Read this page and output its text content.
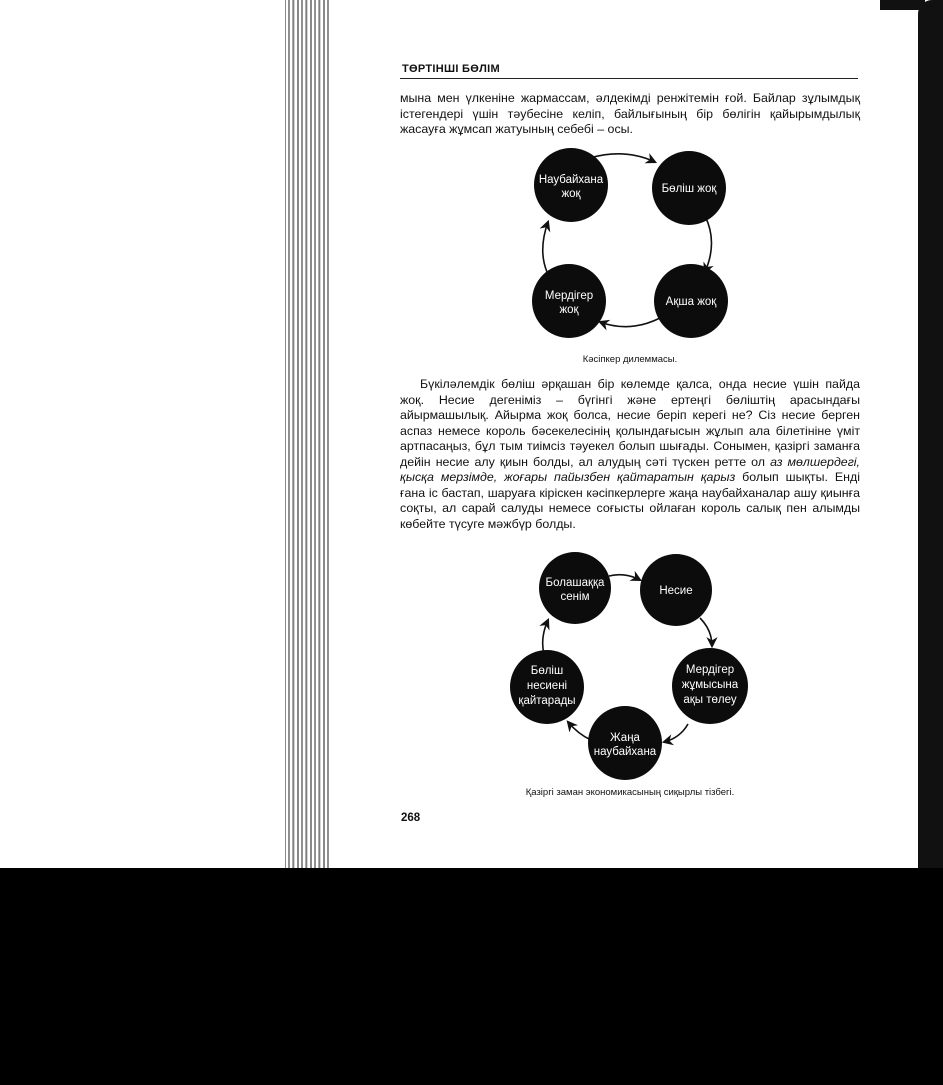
ТӨРТІНШІ БӨЛІМ

мына мен үлкеніне жармассам, әлдекімді ренжітемін ғой. Байлар зұлымдық істегендері үшін тәубесіне келіп, байлығының бір бөлігін қайырымдылық жасауға жұмсап жатуының себебі – осы.

Наубайхана
жоқ	Бөліш жоқ
Ақша жоқ
Мердігер
жоқ
Болашаққа
сенім	Несие
Мердігер
жұмысына
ақы төлеу
Жаңа
наубайхана
Бөліш
несиені
қайтарады
Кәсіпкер дилеммасы.

Бүкіләлемдік бөліш әрқашан бір көлемде қалса, онда несие үшін пайда жоқ. Несие дегеніміз – бүгінгі және ертеңгі бөліштің арасындағы айырмашылық. Айырма жоқ болса, несие беріп керегі не? Сіз несие берген аспаз немесе король бәсекелесінің қолындағысын жұлып ала білетініне үміт артпасаңыз, бұл тым тиімсіз тәуекел болып шығады. Сонымен, қазіргі заманға дейін несие алу қиын болды, ал алудың сәті түскен ретте ол аз мөлшердегі, қысқа мерзімде, жоғары пайызбен қайтаратын қарыз болып шықты. Енді ғана іс бастап, шаруаға кіріскен кәсіпкерлерге жаңа наубайханалар ашу қиынға соқты, ал сарай салуды немесе соғысты ойлаған король салық пен алымды көбейте түсуге мәжбүр болды.

Қазіргі заман экономикасының сиқырлы тізбегі.
268
